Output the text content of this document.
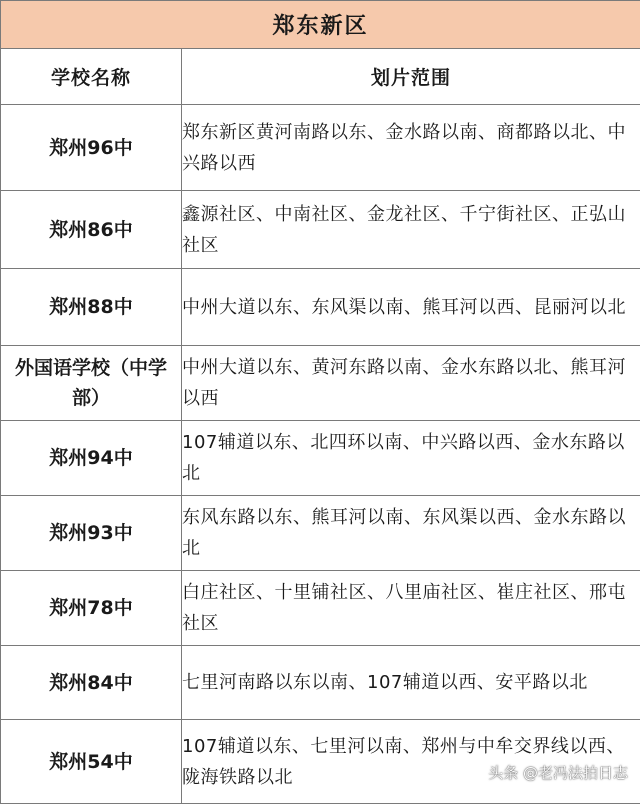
郑东新区	
学校名称	划片范围
郑州96中	郑东新区黄河南路以东、金水路以南、商都路以北、中兴路以西
郑州86中	鑫源社区、中南社区、金龙社区、千宁街社区、正弘山社区
郑州88中	中州大道以东、东风渠以南、熊耳河以西、昆丽河以北
外国语学校（中学部）	中州大道以东、黄河东路以南、金水东路以北、熊耳河以西
郑州94中	107辅道以东、北四环以南、中兴路以西、金水东路以北
郑州93中	东风东路以东、熊耳河以南、东风渠以西、金水东路以北
郑州78中	白庄社区、十里铺社区、八里庙社区、崔庄社区、邢屯社区
郑州84中	七里河南路以东以南、107辅道以西、安平路以北
郑州54中	107辅道以东、七里河以南、郑州与中牟交界线以西、陇海铁路以北	头条 @老冯法拍日志
